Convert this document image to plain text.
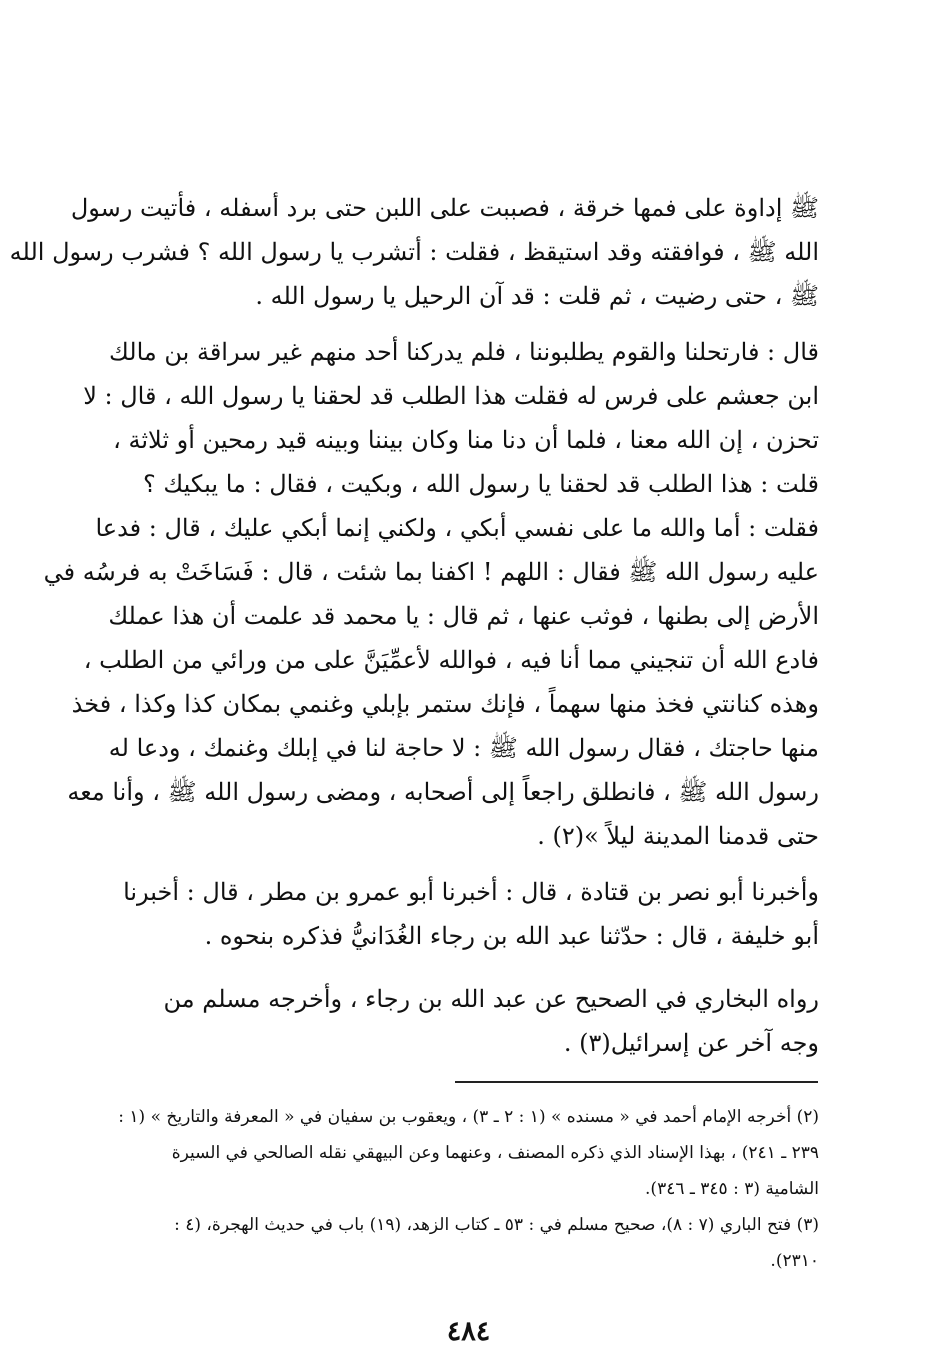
ﷺ إداوة على فمها خرقة ، فصببت على اللبن حتى برد أسفله ، فأتيت رسول
الله ﷺ ، فوافقته وقد استيقظ ، فقلت : أتشرب يا رسول الله ؟ فشرب رسول الله
ﷺ ، حتى رضيت ، ثم قلت : قد آن الرحيل يا رسول الله .
قال : فارتحلنا والقوم يطلبوننا ، فلم يدركنا أحد منهم غير سراقة بن مالك
ابن جعشم على فرس له فقلت هذا الطلب قد لحقنا يا رسول الله ، قال : لا
تحزن ، إن الله معنا ، فلما أن دنا منا وكان بيننا وبينه قيد رمحين أو ثلاثة ،
قلت : هذا الطلب قد لحقنا يا رسول الله ، وبكيت ، فقال : ما يبكيك ؟
فقلت : أما والله ما على نفسي أبكي ، ولكني إنما أبكي عليك ، قال : فدعا
عليه رسول الله ﷺ فقال : اللهم ! اكفنا بما شئت ، قال : فَسَاخَتْ به فرسُه في
الأرض إلى بطنها ، فوثب عنها ، ثم قال : يا محمد قد علمت أن هذا عملك
فادع الله أن تنجيني مما أنا فيه ، فوالله لأعمِّيَنَّ على من ورائي من الطلب ،
وهذه كنانتي فخذ منها سهماً ، فإنك ستمر بإبلي وغنمي بمكان كذا وكذا ، فخذ
منها حاجتك ، فقال رسول الله ﷺ : لا حاجة لنا في إبلك وغنمك ، ودعا له
رسول الله ﷺ ، فانطلق راجعاً إلى أصحابه ، ومضى رسول الله ﷺ ، وأنا معه
حتى قدمنا المدينة ليلاً »(٢) .
وأخبرنا أبو نصر بن قتادة ، قال : أخبرنا أبو عمرو بن مطر ، قال : أخبرنا
أبو خليفة ، قال : حدّثنا عبد الله بن رجاء الغُدَانيُّ فذكره بنحوه .
رواه البخاري في الصحيح عن عبد الله بن رجاء ، وأخرجه مسلم من
وجه آخر عن إسرائيل(٣) .
(٢) أخرجه الإمام أحمد في « مسنده » (١ : ٢ ـ ٣) ، ويعقوب بن سفيان في « المعرفة والتاريخ » (١ :
٢٣٩ ـ ٢٤١) ، بهذا الإسناد الذي ذكره المصنف ، وعنهما وعن البيهقي نقله الصالحي في السيرة
الشامية (٣ : ٣٤٥ ـ ٣٤٦).
(٣) فتح الباري (٧ : ٨)، صحيح مسلم في : ٥٣ ـ كتاب الزهد، (١٩) باب في حديث الهجرة، (٤ :
٢٣١٠).
٤٨٤
